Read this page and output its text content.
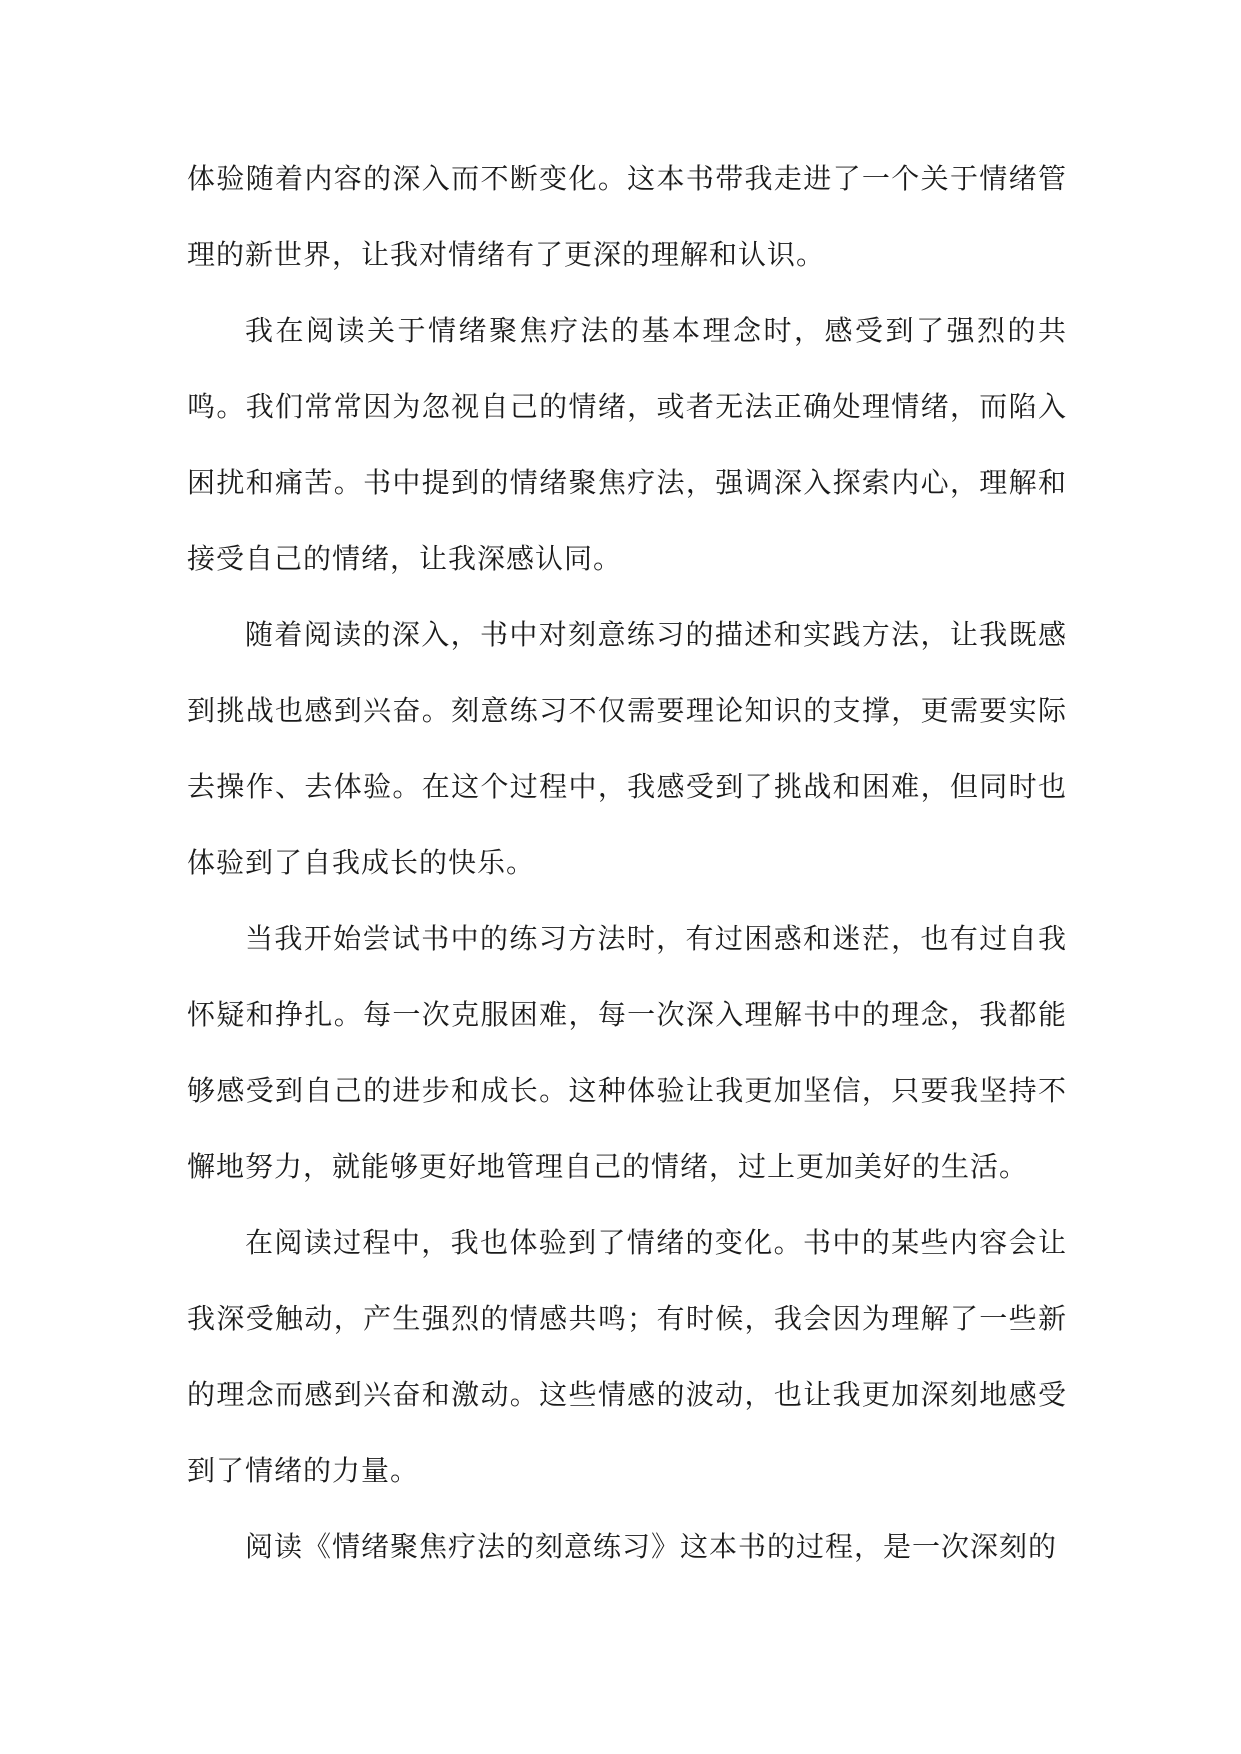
体验随着内容的深入而不断变化。这本书带我走进了一个关于情绪管理的新世界，让我对情绪有了更深的理解和认识。

我在阅读关于情绪聚焦疗法的基本理念时，感受到了强烈的共鸣。我们常常因为忽视自己的情绪，或者无法正确处理情绪，而陷入困扰和痛苦。书中提到的情绪聚焦疗法，强调深入探索内心，理解和接受自己的情绪，让我深感认同。

随着阅读的深入，书中对刻意练习的描述和实践方法，让我既感到挑战也感到兴奋。刻意练习不仅需要理论知识的支撑，更需要实际去操作、去体验。在这个过程中，我感受到了挑战和困难，但同时也体验到了自我成长的快乐。

当我开始尝试书中的练习方法时，有过困惑和迷茫，也有过自我怀疑和挣扎。每一次克服困难，每一次深入理解书中的理念，我都能够感受到自己的进步和成长。这种体验让我更加坚信，只要我坚持不懈地努力，就能够更好地管理自己的情绪，过上更加美好的生活。

在阅读过程中，我也体验到了情绪的变化。书中的某些内容会让我深受触动，产生强烈的情感共鸣；有时候，我会因为理解了一些新的理念而感到兴奋和激动。这些情感的波动，也让我更加深刻地感受到了情绪的力量。

阅读《情绪聚焦疗法的刻意练习》这本书的过程，是一次深刻的
